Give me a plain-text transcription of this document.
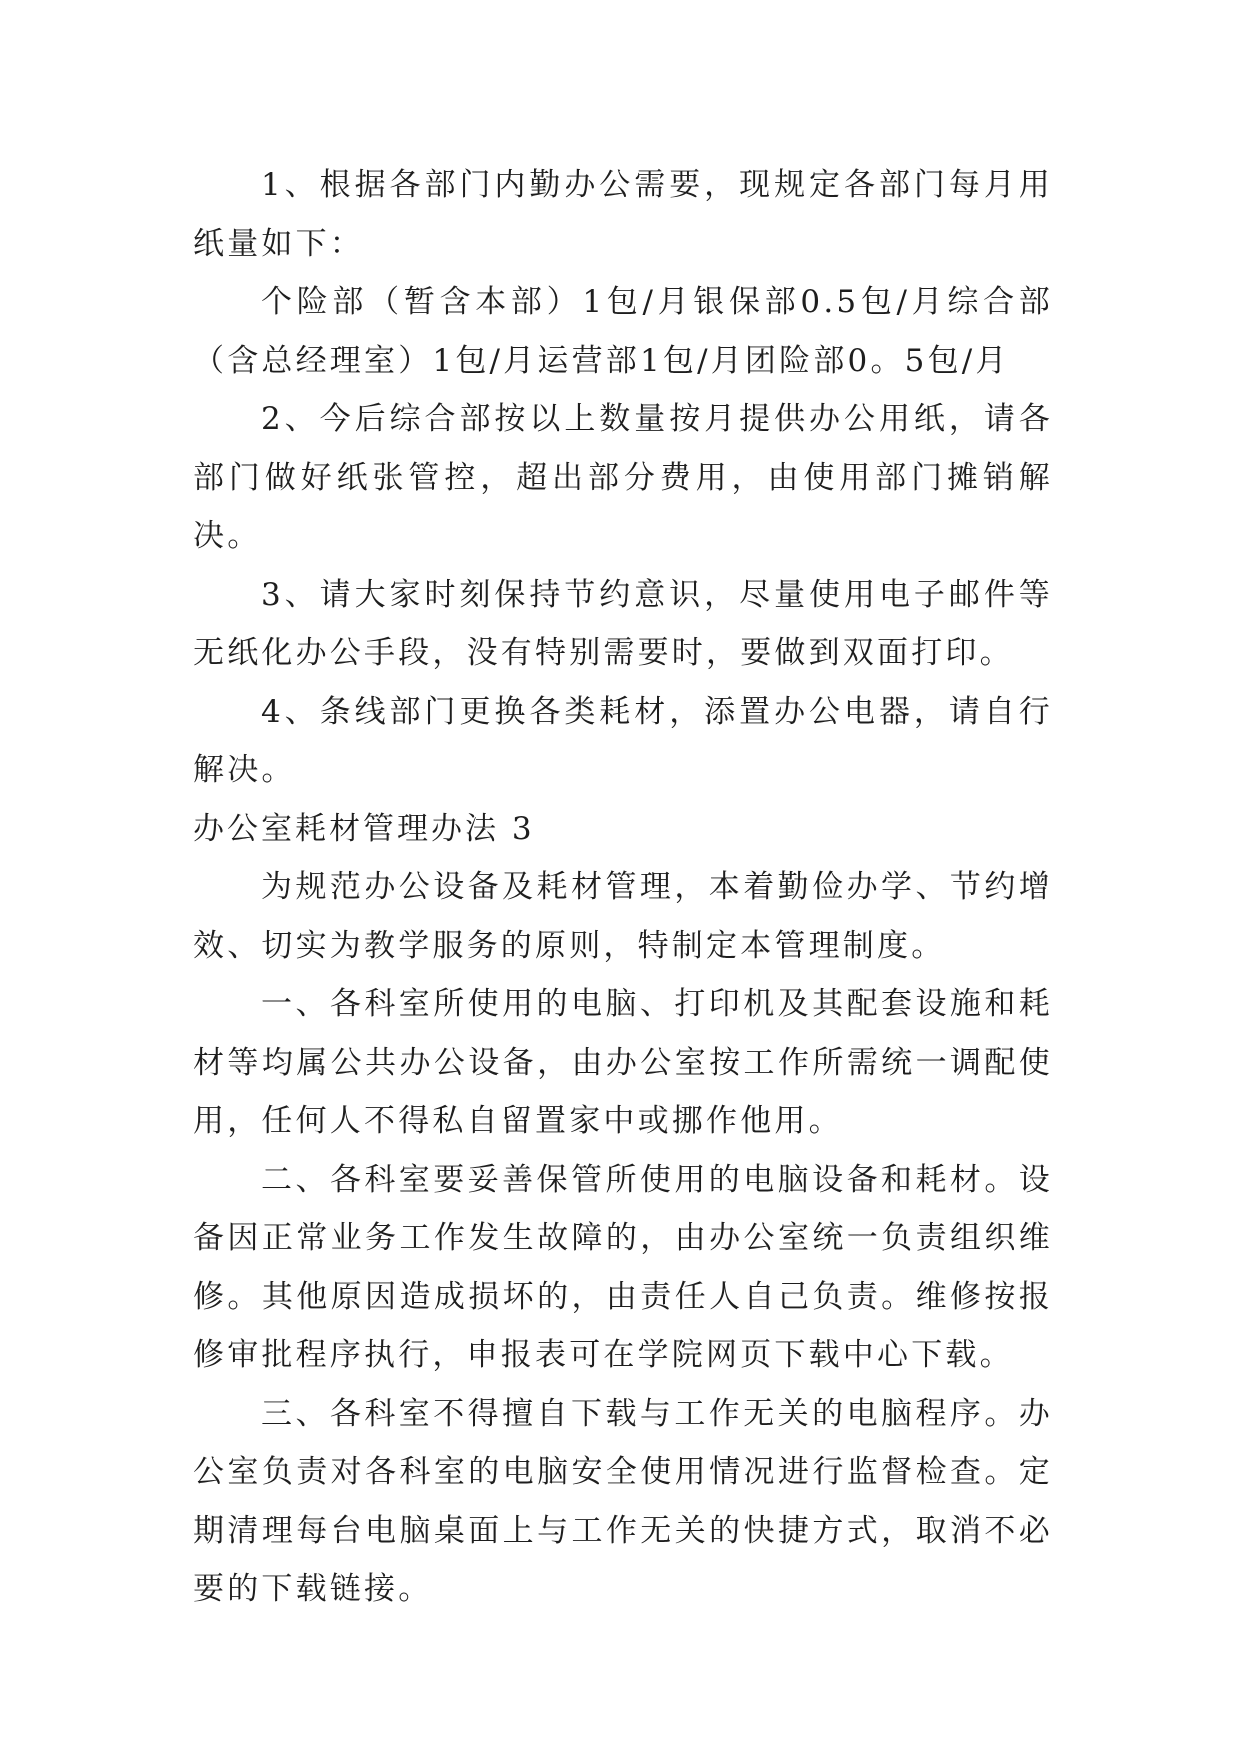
1、根据各部门内勤办公需要，现规定各部门每月用纸量如下：

个险部（暂含本部）1包/月银保部0.5包/月综合部（含总经理室）1包/月运营部1包/月团险部0。5包/月

2、今后综合部按以上数量按月提供办公用纸，请各部门做好纸张管控，超出部分费用，由使用部门摊销解决。

3、请大家时刻保持节约意识，尽量使用电子邮件等无纸化办公手段，没有特别需要时，要做到双面打印。

4、条线部门更换各类耗材，添置办公电器，请自行解决。

办公室耗材管理办法 3

为规范办公设备及耗材管理，本着勤俭办学、节约增效、切实为教学服务的原则，特制定本管理制度。

一、各科室所使用的电脑、打印机及其配套设施和耗材等均属公共办公设备，由办公室按工作所需统一调配使用，任何人不得私自留置家中或挪作他用。

二、各科室要妥善保管所使用的电脑设备和耗材。设备因正常业务工作发生故障的，由办公室统一负责组织维修。其他原因造成损坏的，由责任人自己负责。维修按报修审批程序执行，申报表可在学院网页下载中心下载。

三、各科室不得擅自下载与工作无关的电脑程序。办公室负责对各科室的电脑安全使用情况进行监督检查。定期清理每台电脑桌面上与工作无关的快捷方式，取消不必要的下载链接。
